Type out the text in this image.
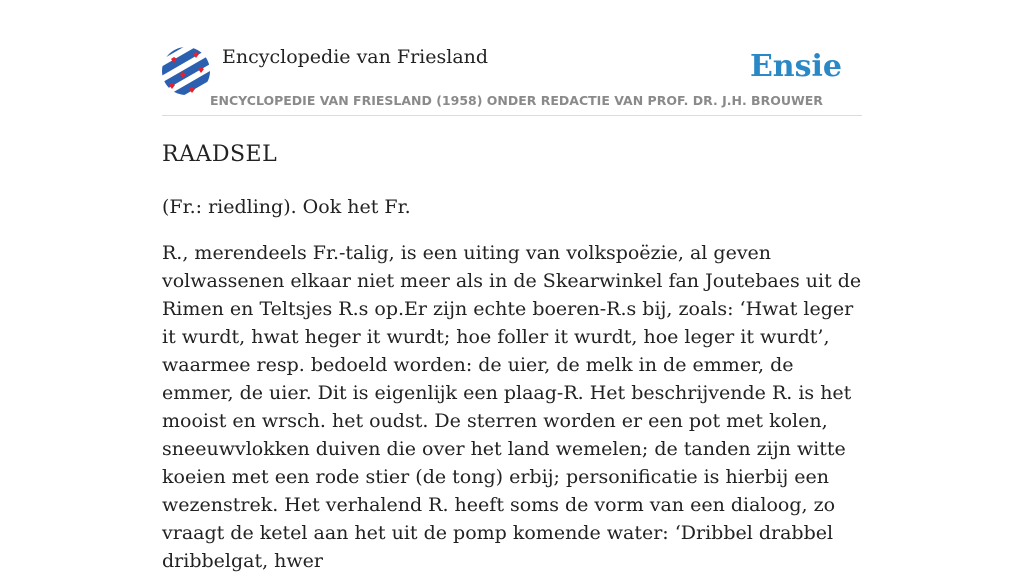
Encyclopedie van Friesland	Ensie
ENCYCLOPEDIE VAN FRIESLAND (1958) ONDER REDACTIE VAN PROF. DR. J.H. BROUWER
RAADSEL

(Fr.: riedling). Ook het Fr.

R., merendeels Fr.-talig, is een uiting van volkspoëzie, al geven volwassenen elkaar niet meer als in de Skearwinkel fan Joutebaes uit de Rimen en Teltsjes R.s op.Er zijn echte boeren-R.s bij, zoals: ‘Hwat leger it wurdt, hwat heger it wurdt; hoe foller it wurdt, hoe leger it wurdt’, waarmee resp. bedoeld worden: de uier, de melk in de emmer, de emmer, de uier. Dit is eigenlijk een plaag-R. Het beschrijvende R. is het mooist en wrsch. het oudst. De sterren worden er een pot met kolen, sneeuwvlokken duiven die over het land wemelen; de tanden zijn witte koeien met een rode stier (de tong) erbij; personificatie is hierbij een wezenstrek. Het verhalend R. heeft soms de vorm van een dialoog, zo vraagt de ketel aan het uit de pomp komende water: ‘Dribbel drabbel dribbelgat, hwer
